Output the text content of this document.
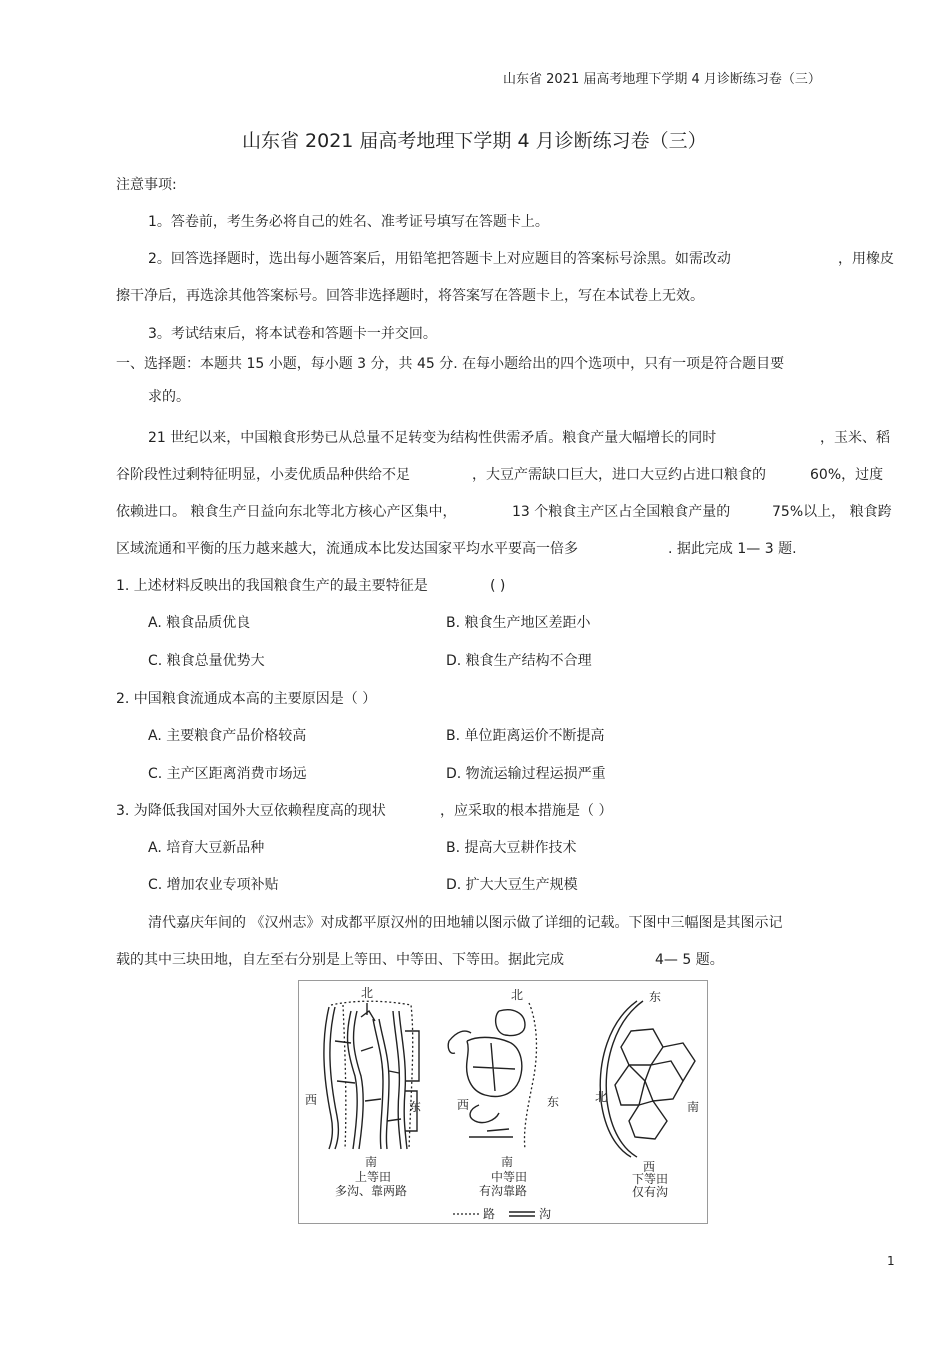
山东省 2021 届高考地理下学期 4 月诊断练习卷（三）
山东省 2021 届高考地理下学期 4 月诊断练习卷（三）
注意事项:
1。答卷前，考生务必将自己的姓名、准考证号填写在答题卡上。
2。回答选择题时，选出每小题答案后，用铅笔把答题卡上对应题目的答案标号涂黑。如需改动	，用橡皮
擦干净后，再选涂其他答案标号。回答非选择题时，将答案写在答题卡上，写在本试卷上无效。
3。考试结束后，将本试卷和答题卡一并交回。
一、选择题：本题共 15 小题，每小题 3 分，共 45 分. 在每小题给出的四个选项中，只有一项是符合题目要
求的。
21 世纪以来，中国粮食形势已从总量不足转变为结构性供需矛盾。粮食产量大幅增长的同时	，玉米、稻
谷阶段性过剩特征明显，小麦优质品种供给不足	，大豆产需缺口巨大，进口大豆约占进口粮食的	60%，过度
依赖进口。 粮食生产日益向东北等北方核心产区集中，	13 个粮食主产区占全国粮食产量的	75%以上， 粮食跨
区域流通和平衡的压力越来越大，流通成本比发达国家平均水平要高一倍多	. 据此完成 1— 3 题.
1. 上述材料反映出的我国粮食生产的最主要特征是	( )
A. 粮食品质优良	B. 粮食生产地区差距小
C. 粮食总量优势大	D. 粮食生产结构不合理
2. 中国粮食流通成本高的主要原因是（ ）
A. 主要粮食产品价格较高	B. 单位距离运价不断提高
C. 主产区距离消费市场远	D. 物流运输过程运损严重
3. 为降低我国对国外大豆依赖程度高的现状	，应采取的根本措施是（ ）
A. 培育大豆新品种	B. 提高大豆耕作技术
C. 增加农业专项补贴	D. 扩大大豆生产规模
清代嘉庆年间的 《汉州志》对成都平原汉州的田地辅以图示做了详细的记载。下图中三幅图是其图示记
载的其中三块田地，自左至右分别是上等田、中等田、下等田。据此完成	4— 5 题。
北
西	东
南
上等田
多沟、靠两路
北
西	东
南
中等田
有沟靠路
东
北
南
西
下等田
仅有沟
路	沟
1
